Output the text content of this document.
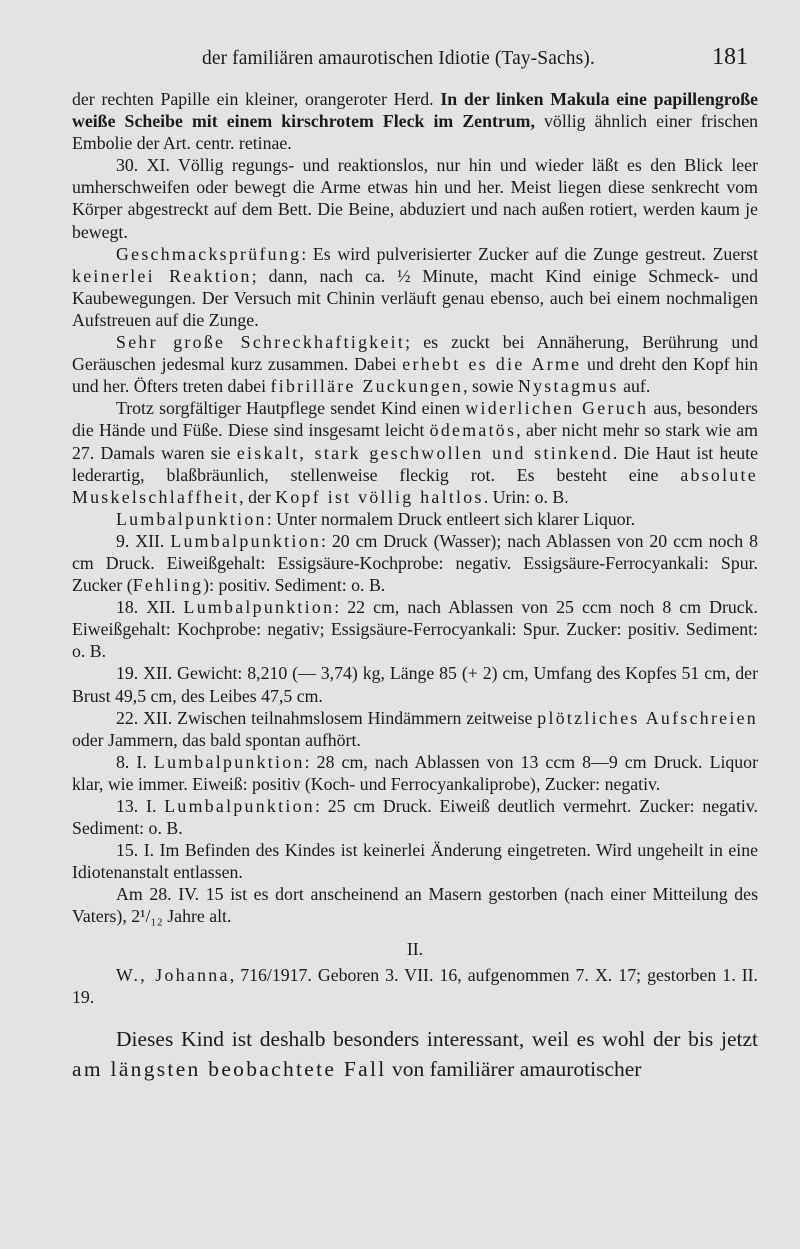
der familiären amaurotischen Idiotie (Tay-Sachs).	181

der rechten Papille ein kleiner, orangeroter Herd. In der linken Makula eine papillengroße weiße Scheibe mit einem kirschrotem Fleck im Zentrum, völlig ähnlich einer frischen Embolie der Art. centr. retinae.

30. XI. Völlig regungs- und reaktionslos, nur hin und wieder läßt es den Blick leer umherschweifen oder bewegt die Arme etwas hin und her. Meist liegen diese senkrecht vom Körper abgestreckt auf dem Bett. Die Beine, abduziert und nach außen rotiert, werden kaum je bewegt.

Geschmacksprüfung: Es wird pulverisierter Zucker auf die Zunge gestreut. Zuerst keinerlei Reaktion; dann, nach ca. ½ Minute, macht Kind einige Schmeck- und Kaubewegungen. Der Versuch mit Chinin verläuft genau ebenso, auch bei einem nochmaligen Aufstreuen auf die Zunge.

Sehr große Schreckhaftigkeit; es zuckt bei Annäherung, Berührung und Geräuschen jedesmal kurz zusammen. Dabei erhebt es die Arme und dreht den Kopf hin und her. Öfters treten dabei fibrilläre Zuckungen, sowie Nystagmus auf.

Trotz sorgfältiger Hautpflege sendet Kind einen widerlichen Geruch aus, besonders die Hände und Füße. Diese sind insgesamt leicht ödematös, aber nicht mehr so stark wie am 27. Damals waren sie eiskalt, stark geschwollen und stinkend. Die Haut ist heute lederartig, blaßbräunlich, stellenweise fleckig rot. Es besteht eine absolute Muskelschlaffheit, der Kopf ist völlig haltlos. Urin: o. B.

Lumbalpunktion: Unter normalem Druck entleert sich klarer Liquor.

9. XII. Lumbalpunktion: 20 cm Druck (Wasser); nach Ablassen von 20 ccm noch 8 cm Druck. Eiweißgehalt: Essigsäure-Kochprobe: negativ. Essigsäure-Ferrocyankali: Spur. Zucker (Fehling): positiv. Sediment: o. B.

18. XII. Lumbalpunktion: 22 cm, nach Ablassen von 25 ccm noch 8 cm Druck. Eiweißgehalt: Kochprobe: negativ; Essigsäure-Ferrocyankali: Spur. Zucker: positiv. Sediment: o. B.

19. XII. Gewicht: 8,210 (— 3,74) kg, Länge 85 (+ 2) cm, Umfang des Kopfes 51 cm, der Brust 49,5 cm, des Leibes 47,5 cm.

22. XII. Zwischen teilnahmslosem Hindämmern zeitweise plötzliches Aufschreien oder Jammern, das bald spontan aufhört.

8. I. Lumbalpunktion: 28 cm, nach Ablassen von 13 ccm 8—9 cm Druck. Liquor klar, wie immer. Eiweiß: positiv (Koch- und Ferrocyankaliprobe), Zucker: negativ.

13. I. Lumbalpunktion: 25 cm Druck. Eiweiß deutlich vermehrt. Zucker: negativ. Sediment: o. B.

15. I. Im Befinden des Kindes ist keinerlei Änderung eingetreten. Wird ungeheilt in eine Idiotenanstalt entlassen.

Am 28. IV. 15 ist es dort anscheinend an Masern gestorben (nach einer Mitteilung des Vaters), 2¹/₁₂ Jahre alt.

II.

W., Johanna, 716/1917. Geboren 3. VII. 16, aufgenommen 7. X. 17; gestorben 1. II. 19.

Dieses Kind ist deshalb besonders interessant, weil es wohl der bis jetzt am längsten beobachtete Fall von familiärer amaurotischer
